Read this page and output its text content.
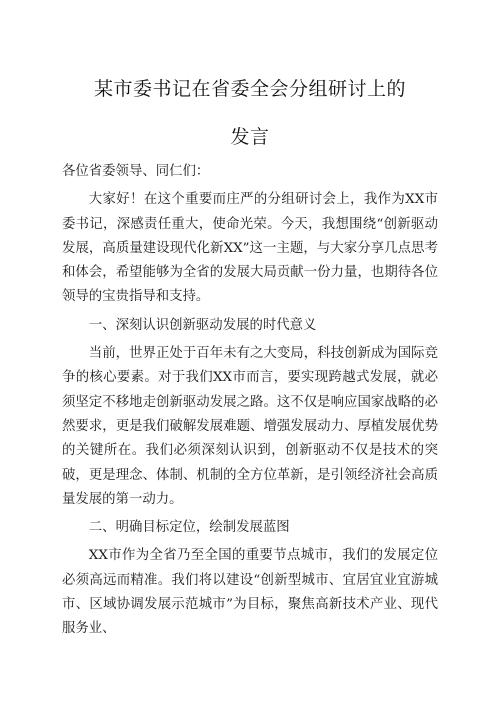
某市委书记在省委全会分组研讨上的
发言

各位省委领导、同仁们：

大家好！在这个重要而庄严的分组研讨会上，我作为XX市委书记，深感责任重大，使命光荣。今天，我想围绕“创新驱动发展，高质量建设现代化新XX”这一主题，与大家分享几点思考和体会，希望能够为全省的发展大局贡献一份力量，也期待各位领导的宝贵指导和支持。

一、深刻认识创新驱动发展的时代意义

当前，世界正处于百年未有之大变局，科技创新成为国际竞争的核心要素。对于我们XX市而言，要实现跨越式发展，就必须坚定不移地走创新驱动发展之路。这不仅是响应国家战略的必然要求，更是我们破解发展难题、增强发展动力、厚植发展优势的关键所在。我们必须深刻认识到，创新驱动不仅是技术的突破，更是理念、体制、机制的全方位革新，是引领经济社会高质量发展的第一动力。

二、明确目标定位，绘制发展蓝图

XX市作为全省乃至全国的重要节点城市，我们的发展定位必须高远而精准。我们将以建设“创新型城市、宜居宜业宜游城市、区域协调发展示范城市”为目标，聚焦高新技术产业、现代服务业、
